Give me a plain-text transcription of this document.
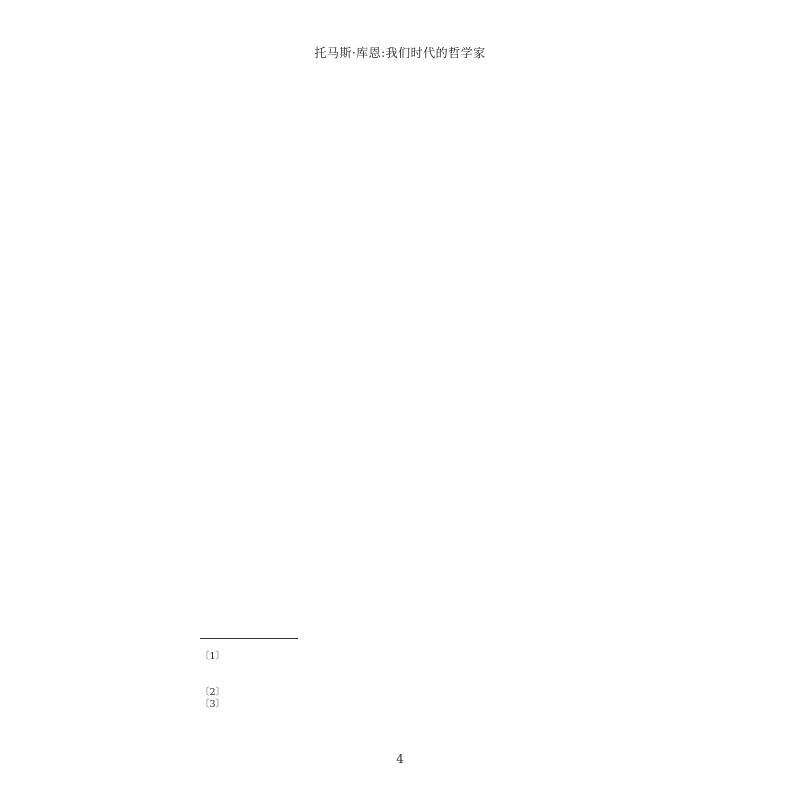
托马斯·库恩:我们时代的哲学家

〔1〕
〔2〕
〔3〕
4
